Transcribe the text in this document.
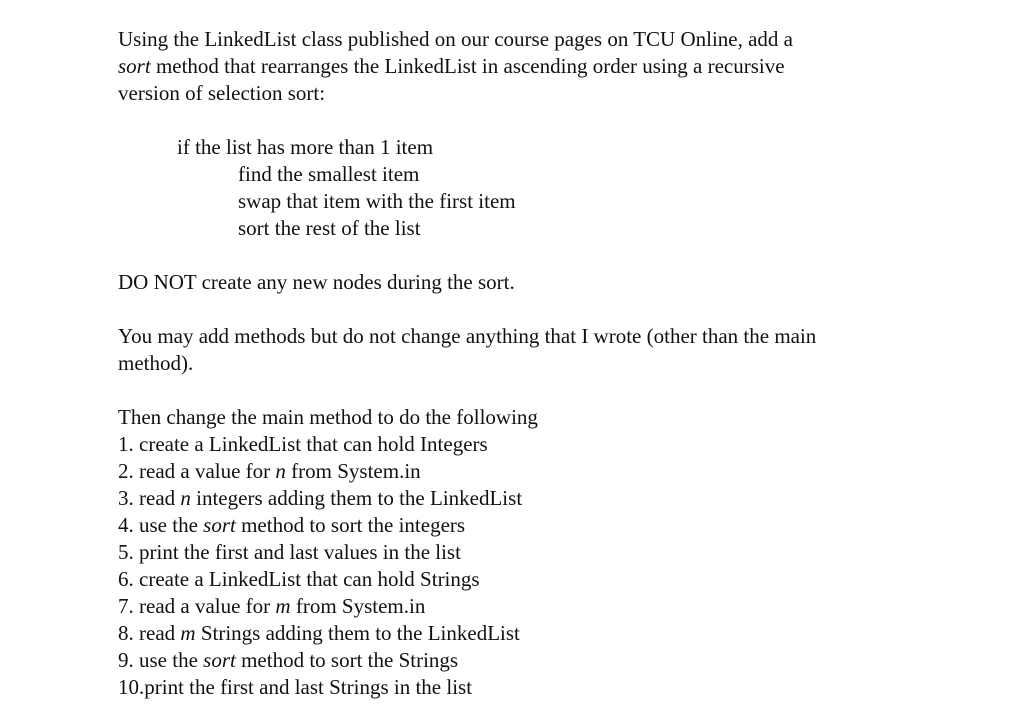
Using the LinkedList class published on our course pages on TCU Online, add a
sort method that rearranges the LinkedList in ascending order using a recursive
version of selection sort:
if the list has more than 1 item
find the smallest item
swap that item with the first item
sort the rest of the list
DO NOT create any new nodes during the sort.
You may add methods but do not change anything that I wrote (other than the main
method).
Then change the main method to do the following
1. create a LinkedList that can hold Integers
2. read a value for n from System.in
3. read n integers adding them to the LinkedList
4. use the sort method to sort the integers
5. print the first and last values in the list
6. create a LinkedList that can hold Strings
7. read a value for m from System.in
8. read m Strings adding them to the LinkedList
9. use the sort method to sort the Strings
10.print the first and last Strings in the list
